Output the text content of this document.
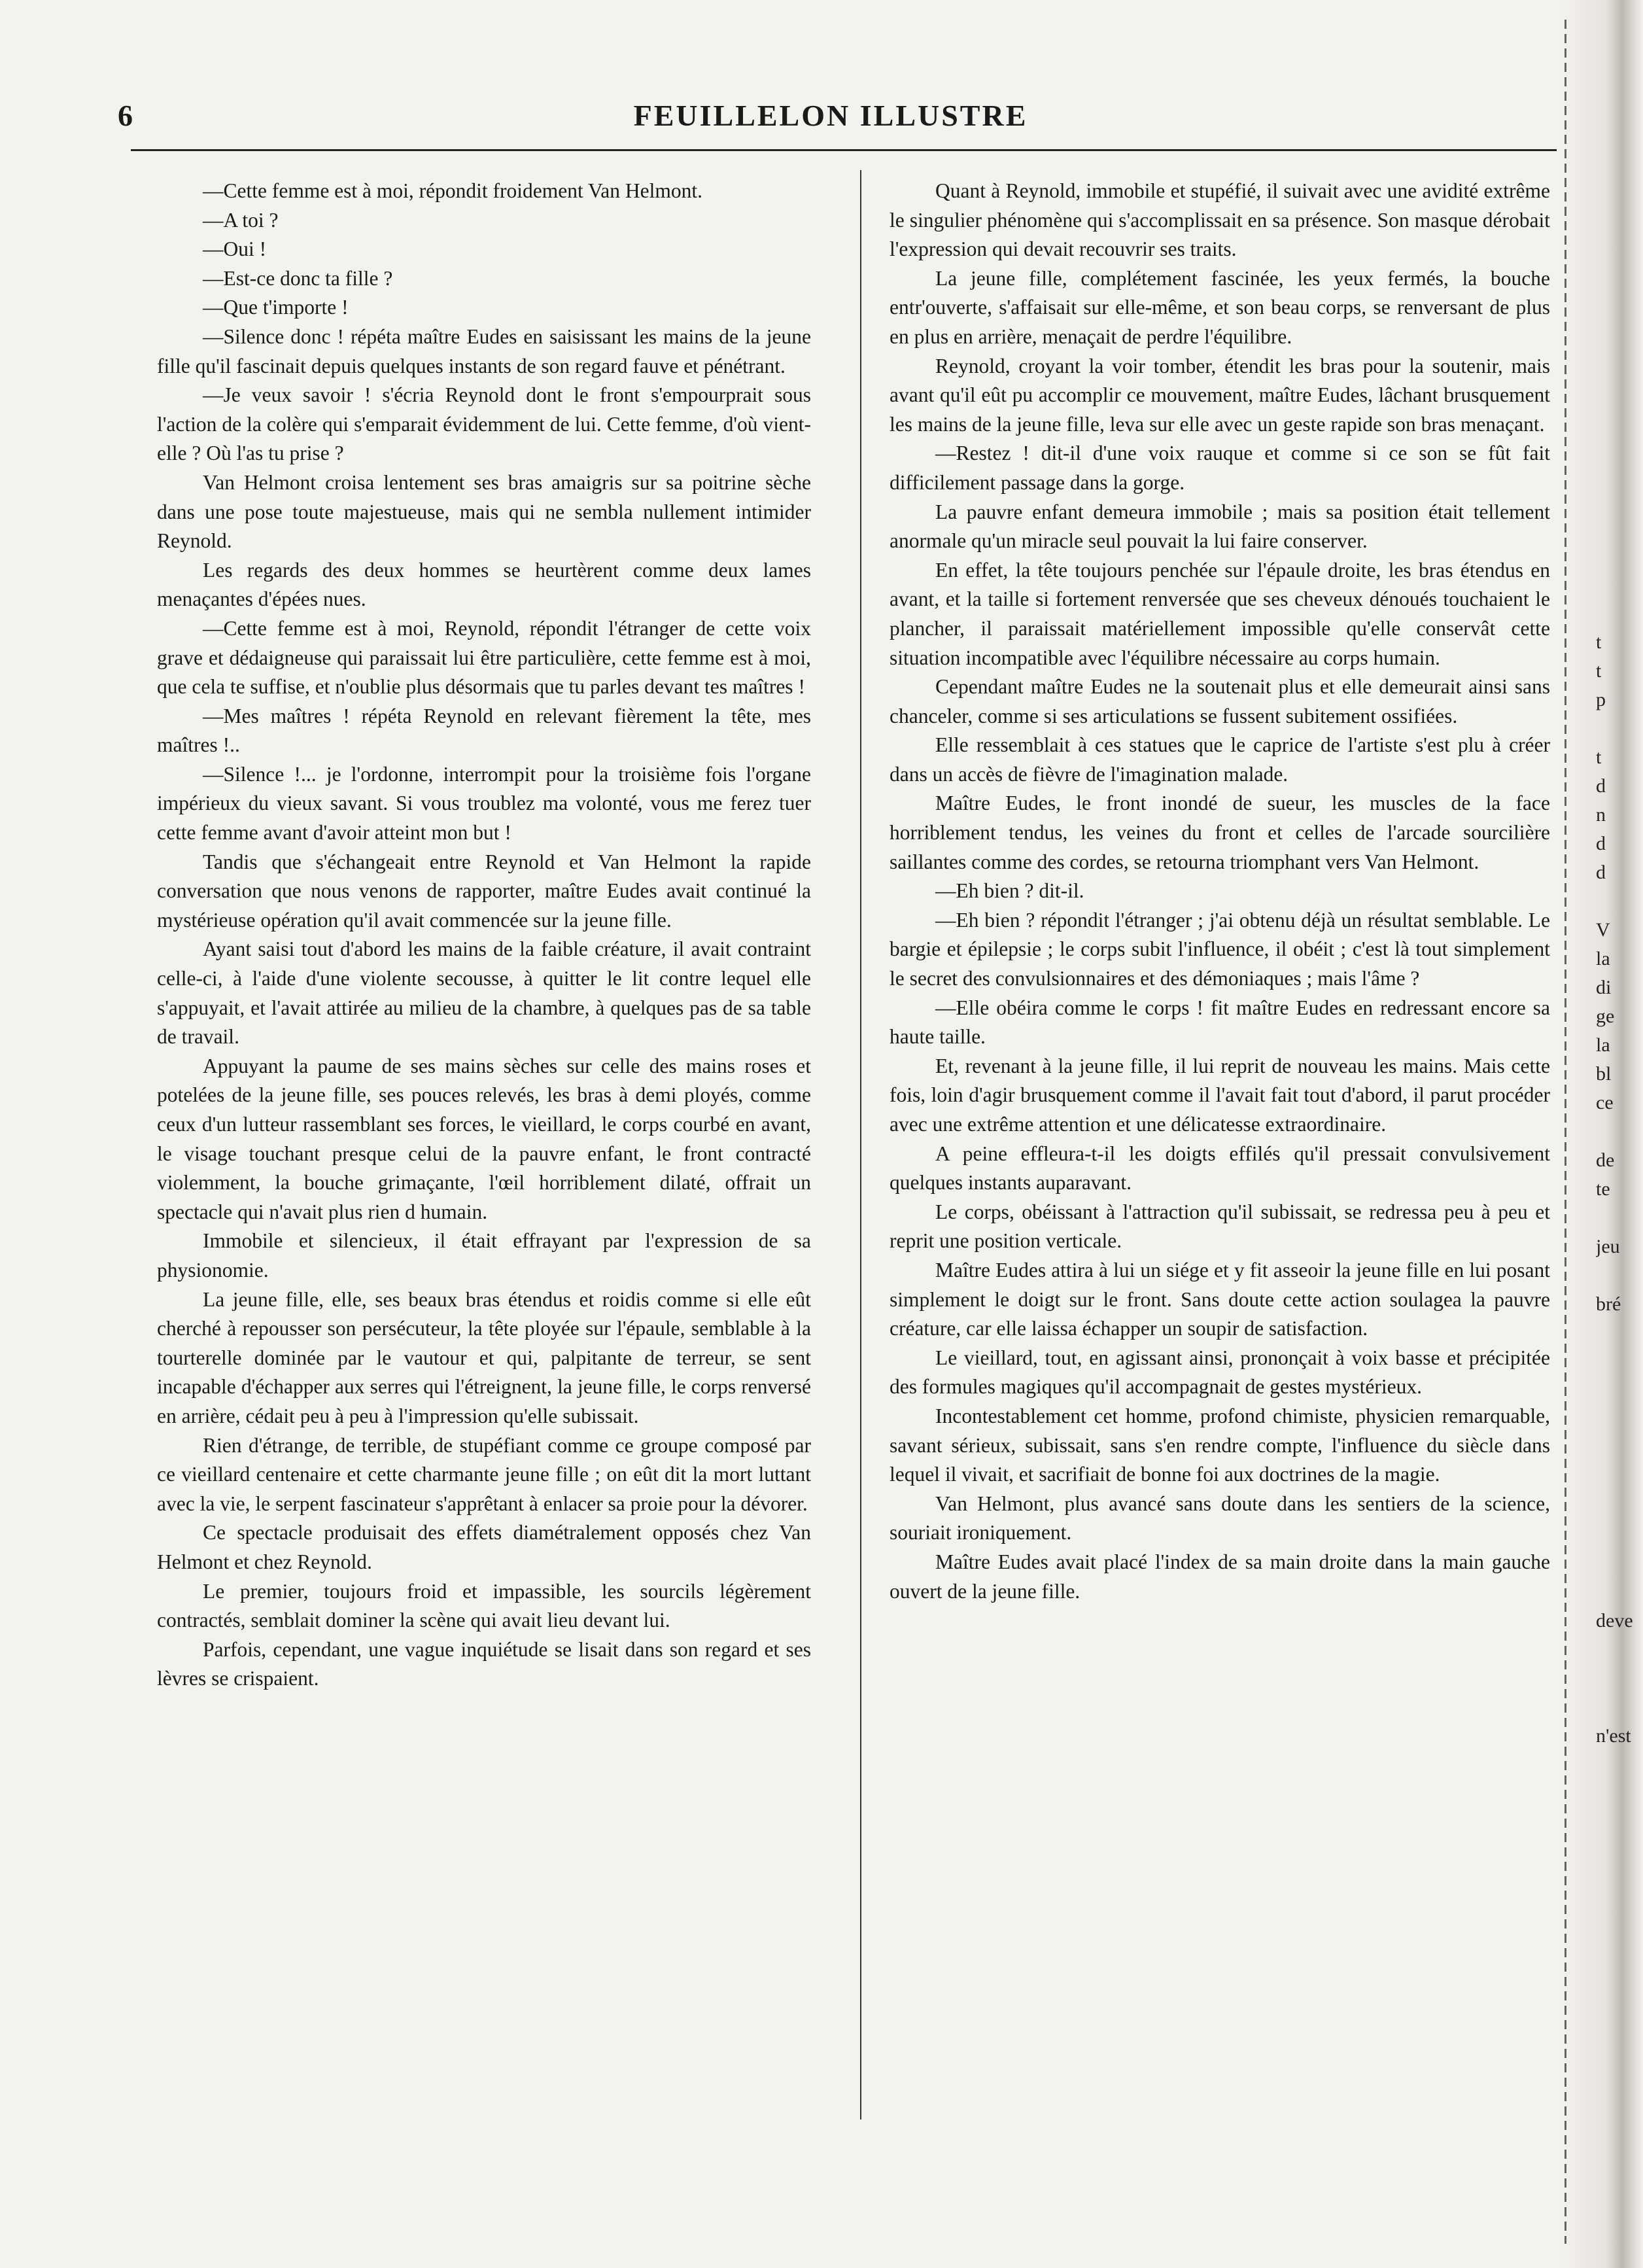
6	FEUILLELON ILLUSTRE

—Cette femme est à moi, répondit froidement Van Helmont.

—A toi ?

—Oui !

—Est-ce donc ta fille ?

—Que t'importe !

—Silence donc ! répéta maître Eudes en saisissant les mains de la jeune fille qu'il fascinait depuis quelques instants de son regard fauve et pénétrant.

—Je veux savoir ! s'écria Reynold dont le front s'empourprait sous l'action de la colère qui s'emparait évidemment de lui. Cette femme, d'où vient-elle ? Où l'as tu prise ?

Van Helmont croisa lentement ses bras amaigris sur sa poitrine sèche dans une pose toute majestueuse, mais qui ne sembla nullement intimider Reynold.

Les regards des deux hommes se heurtèrent comme deux lames menaçantes d'épées nues.

—Cette femme est à moi, Reynold, répondit l'étranger de cette voix grave et dédaigneuse qui paraissait lui être particulière, cette femme est à moi, que cela te suffise, et n'oublie plus désormais que tu parles devant tes maîtres !

—Mes maîtres ! répéta Reynold en relevant fièrement la tête, mes maîtres !..

—Silence !... je l'ordonne, interrompit pour la troisième fois l'organe impérieux du vieux savant. Si vous troublez ma volonté, vous me ferez tuer cette femme avant d'avoir atteint mon but !

Tandis que s'échangeait entre Reynold et Van Helmont la rapide conversation que nous venons de rapporter, maître Eudes avait continué la mystérieuse opération qu'il avait commencée sur la jeune fille.

Ayant saisi tout d'abord les mains de la faible créature, il avait contraint celle-ci, à l'aide d'une violente secousse, à quitter le lit contre lequel elle s'appuyait, et l'avait attirée au milieu de la chambre, à quelques pas de sa table de travail.

Appuyant la paume de ses mains sèches sur celle des mains roses et potelées de la jeune fille, ses pouces relevés, les bras à demi ployés, comme ceux d'un lutteur rassemblant ses forces, le vieillard, le corps courbé en avant, le visage touchant presque celui de la pauvre enfant, le front contracté violemment, la bouche grimaçante, l'œil horriblement dilaté, offrait un spectacle qui n'avait plus rien d humain.

Immobile et silencieux, il était effrayant par l'expression de sa physionomie.

La jeune fille, elle, ses beaux bras étendus et roidis comme si elle eût cherché à repousser son persécuteur, la tête ployée sur l'épaule, semblable à la tourterelle dominée par le vautour et qui, palpitante de terreur, se sent incapable d'échapper aux serres qui l'étreignent, la jeune fille, le corps renversé en arrière, cédait peu à peu à l'impression qu'elle subissait.

Rien d'étrange, de terrible, de stupéfiant comme ce groupe composé par ce vieillard centenaire et cette charmante jeune fille ; on eût dit la mort luttant avec la vie, le serpent fascinateur s'apprêtant à enlacer sa proie pour la dévorer.

Ce spectacle produisait des effets diamétralement opposés chez Van Helmont et chez Reynold.

Le premier, toujours froid et impassible, les sourcils légèrement contractés, semblait dominer la scène qui avait lieu devant lui.

Parfois, cependant, une vague inquiétude se lisait dans son regard et ses lèvres se crispaient.

Quant à Reynold, immobile et stupéfié, il suivait avec une avidité extrême le singulier phénomène qui s'accomplissait en sa présence. Son masque dérobait l'expression qui devait recouvrir ses traits.

La jeune fille, complétement fascinée, les yeux fermés, la bouche entr'ouverte, s'affaisait sur elle-même, et son beau corps, se renversant de plus en plus en arrière, menaçait de perdre l'équilibre.

Reynold, croyant la voir tomber, étendit les bras pour la soutenir, mais avant qu'il eût pu accomplir ce mouvement, maître Eudes, lâchant brusquement les mains de la jeune fille, leva sur elle avec un geste rapide son bras menaçant.

—Restez ! dit-il d'une voix rauque et comme si ce son se fût fait difficilement passage dans la gorge.

La pauvre enfant demeura immobile ; mais sa position était tellement anormale qu'un miracle seul pouvait la lui faire conserver.

En effet, la tête toujours penchée sur l'épaule droite, les bras étendus en avant, et la taille si fortement renversée que ses cheveux dénoués touchaient le plancher, il paraissait matériellement impossible qu'elle conservât cette situation incompatible avec l'équilibre nécessaire au corps humain.

Cependant maître Eudes ne la soutenait plus et elle demeurait ainsi sans chanceler, comme si ses articulations se fussent subitement ossifiées.

Elle ressemblait à ces statues que le caprice de l'artiste s'est plu à créer dans un accès de fièvre de l'imagination malade.

Maître Eudes, le front inondé de sueur, les muscles de la face horriblement tendus, les veines du front et celles de l'arcade sourcilière saillantes comme des cordes, se retourna triomphant vers Van Helmont.

—Eh bien ? dit-il.

—Eh bien ? répondit l'étranger ; j'ai obtenu déjà un résultat semblable. Le bargie et épilepsie ; le corps subit l'influence, il obéit ; c'est là tout simplement le secret des convulsionnaires et des démoniaques ; mais l'âme ?

—Elle obéira comme le corps ! fit maître Eudes en redressant encore sa haute taille.

Et, revenant à la jeune fille, il lui reprit de nouveau les mains. Mais cette fois, loin d'agir brusquement comme il l'avait fait tout d'abord, il parut procéder avec une extrême attention et une délicatesse extraordinaire.

A peine effleura-t-il les doigts effilés qu'il pressait convulsivement quelques instants auparavant.

Le corps, obéissant à l'attraction qu'il subissait, se redressa peu à peu et reprit une position verticale.

Maître Eudes attira à lui un siége et y fit asseoir la jeune fille en lui posant simplement le doigt sur le front. Sans doute cette action soulagea la pauvre créature, car elle laissa échapper un soupir de satisfaction.

Le vieillard, tout, en agissant ainsi, prononçait à voix basse et précipitée des formules magiques qu'il accompagnait de gestes mystérieux.

Incontestablement cet homme, profond chimiste, physicien remarquable, savant sérieux, subissait, sans s'en rendre compte, l'influence du siècle dans lequel il vivait, et sacrifiait de bonne foi aux doctrines de la magie.

Van Helmont, plus avancé sans doute dans les sentiers de la science, souriait ironiquement.

Maître Eudes avait placé l'index de sa main droite dans la main gauche ouvert de la jeune fille.

t
t
p
t
d
n
d
d
V
la
di
ge
la
bl
ce
de
te
jeu
bré
deve
n'est
